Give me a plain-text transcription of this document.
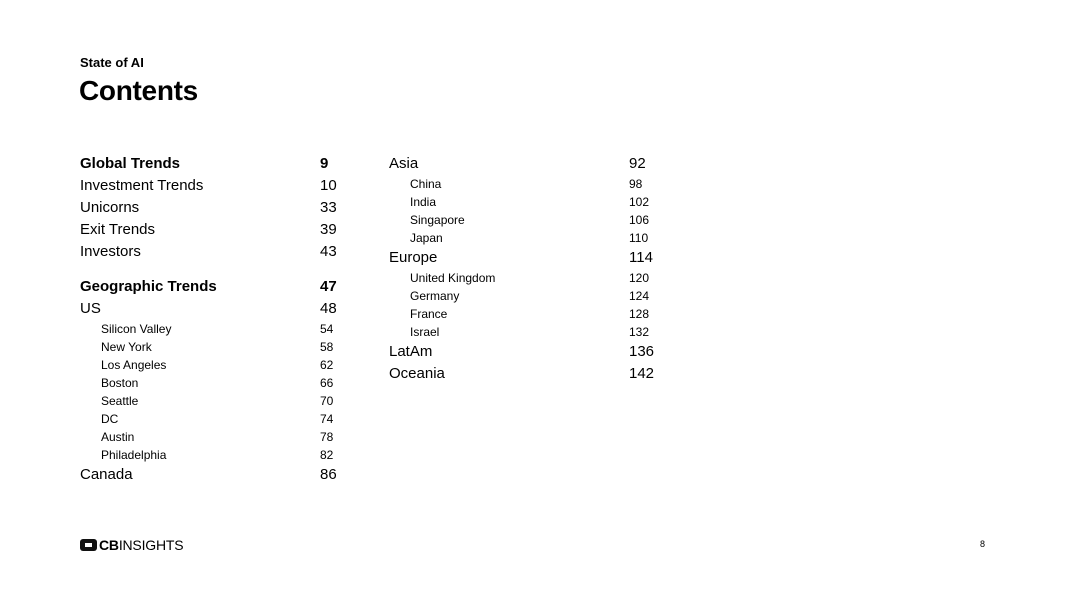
State of AI
Contents
Global Trends	9
Investment Trends	10
Unicorns	33
Exit Trends	39
Investors	43
Geographic Trends	47
US	48
Silicon Valley	54
New York	58
Los Angeles	62
Boston	66
Seattle	70
DC	74
Austin	78
Philadelphia	82
Canada	86
Asia	92
China	98
India	102
Singapore	106
Japan	110
Europe	114
United Kingdom	120
Germany	124
France	128
Israel	132
LatAm	136
Oceania	142
CBINSIGHTS	8
